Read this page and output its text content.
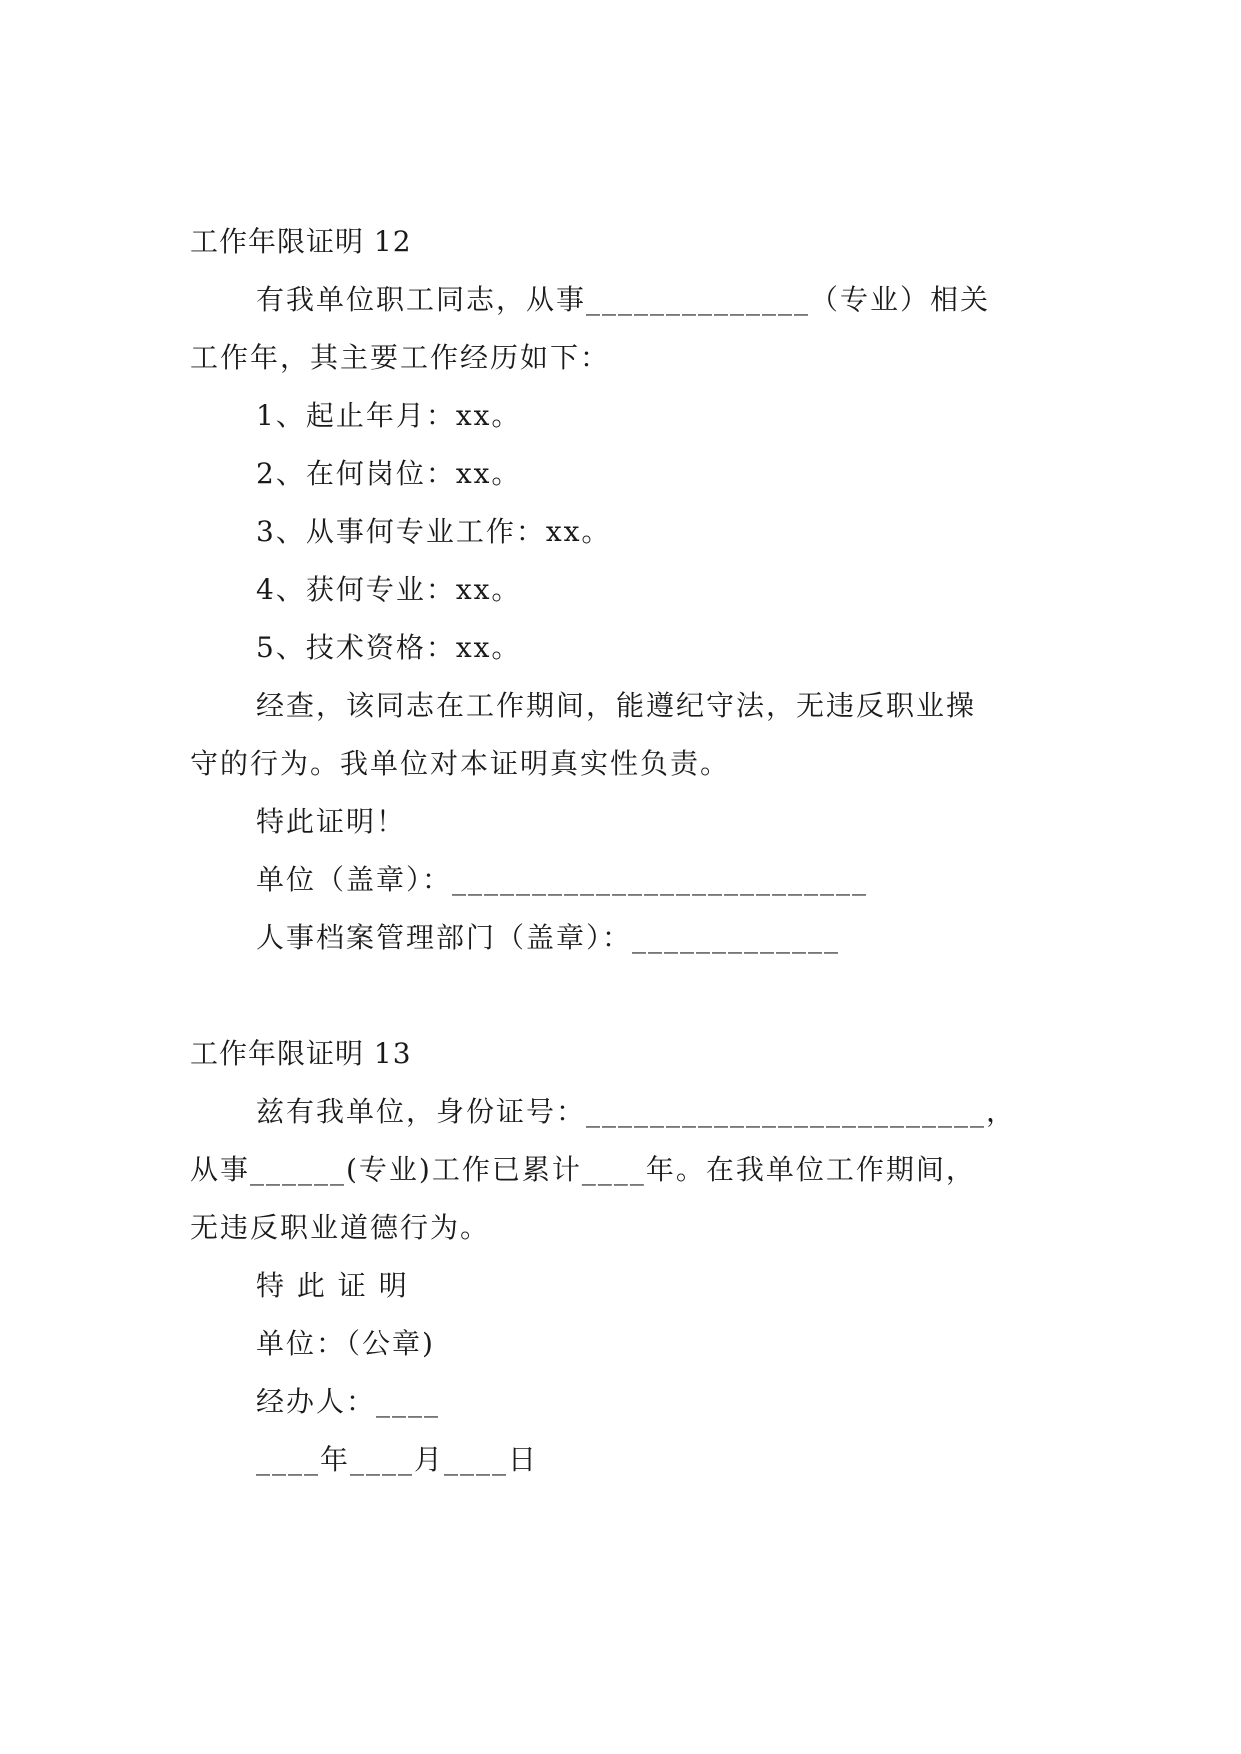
工作年限证明 12
有我单位职工同志，从事______________（专业）相关
工作年，其主要工作经历如下：
1、起止年月：xx。
2、在何岗位：xx。
3、从事何专业工作：xx。
4、获何专业：xx。
5、技术资格：xx。
经查，该同志在工作期间，能遵纪守法，无违反职业操
守的行为。我单位对本证明真实性负责。
特此证明！
单位（盖章）：__________________________
人事档案管理部门（盖章）：_____________
工作年限证明 13
兹有我单位，身份证号：_________________________，
从事______(专业)工作已累计____年。在我单位工作期间，
无违反职业道德行为。
特 此 证 明
单位：（公章)
经办人：____
____年____月____日
